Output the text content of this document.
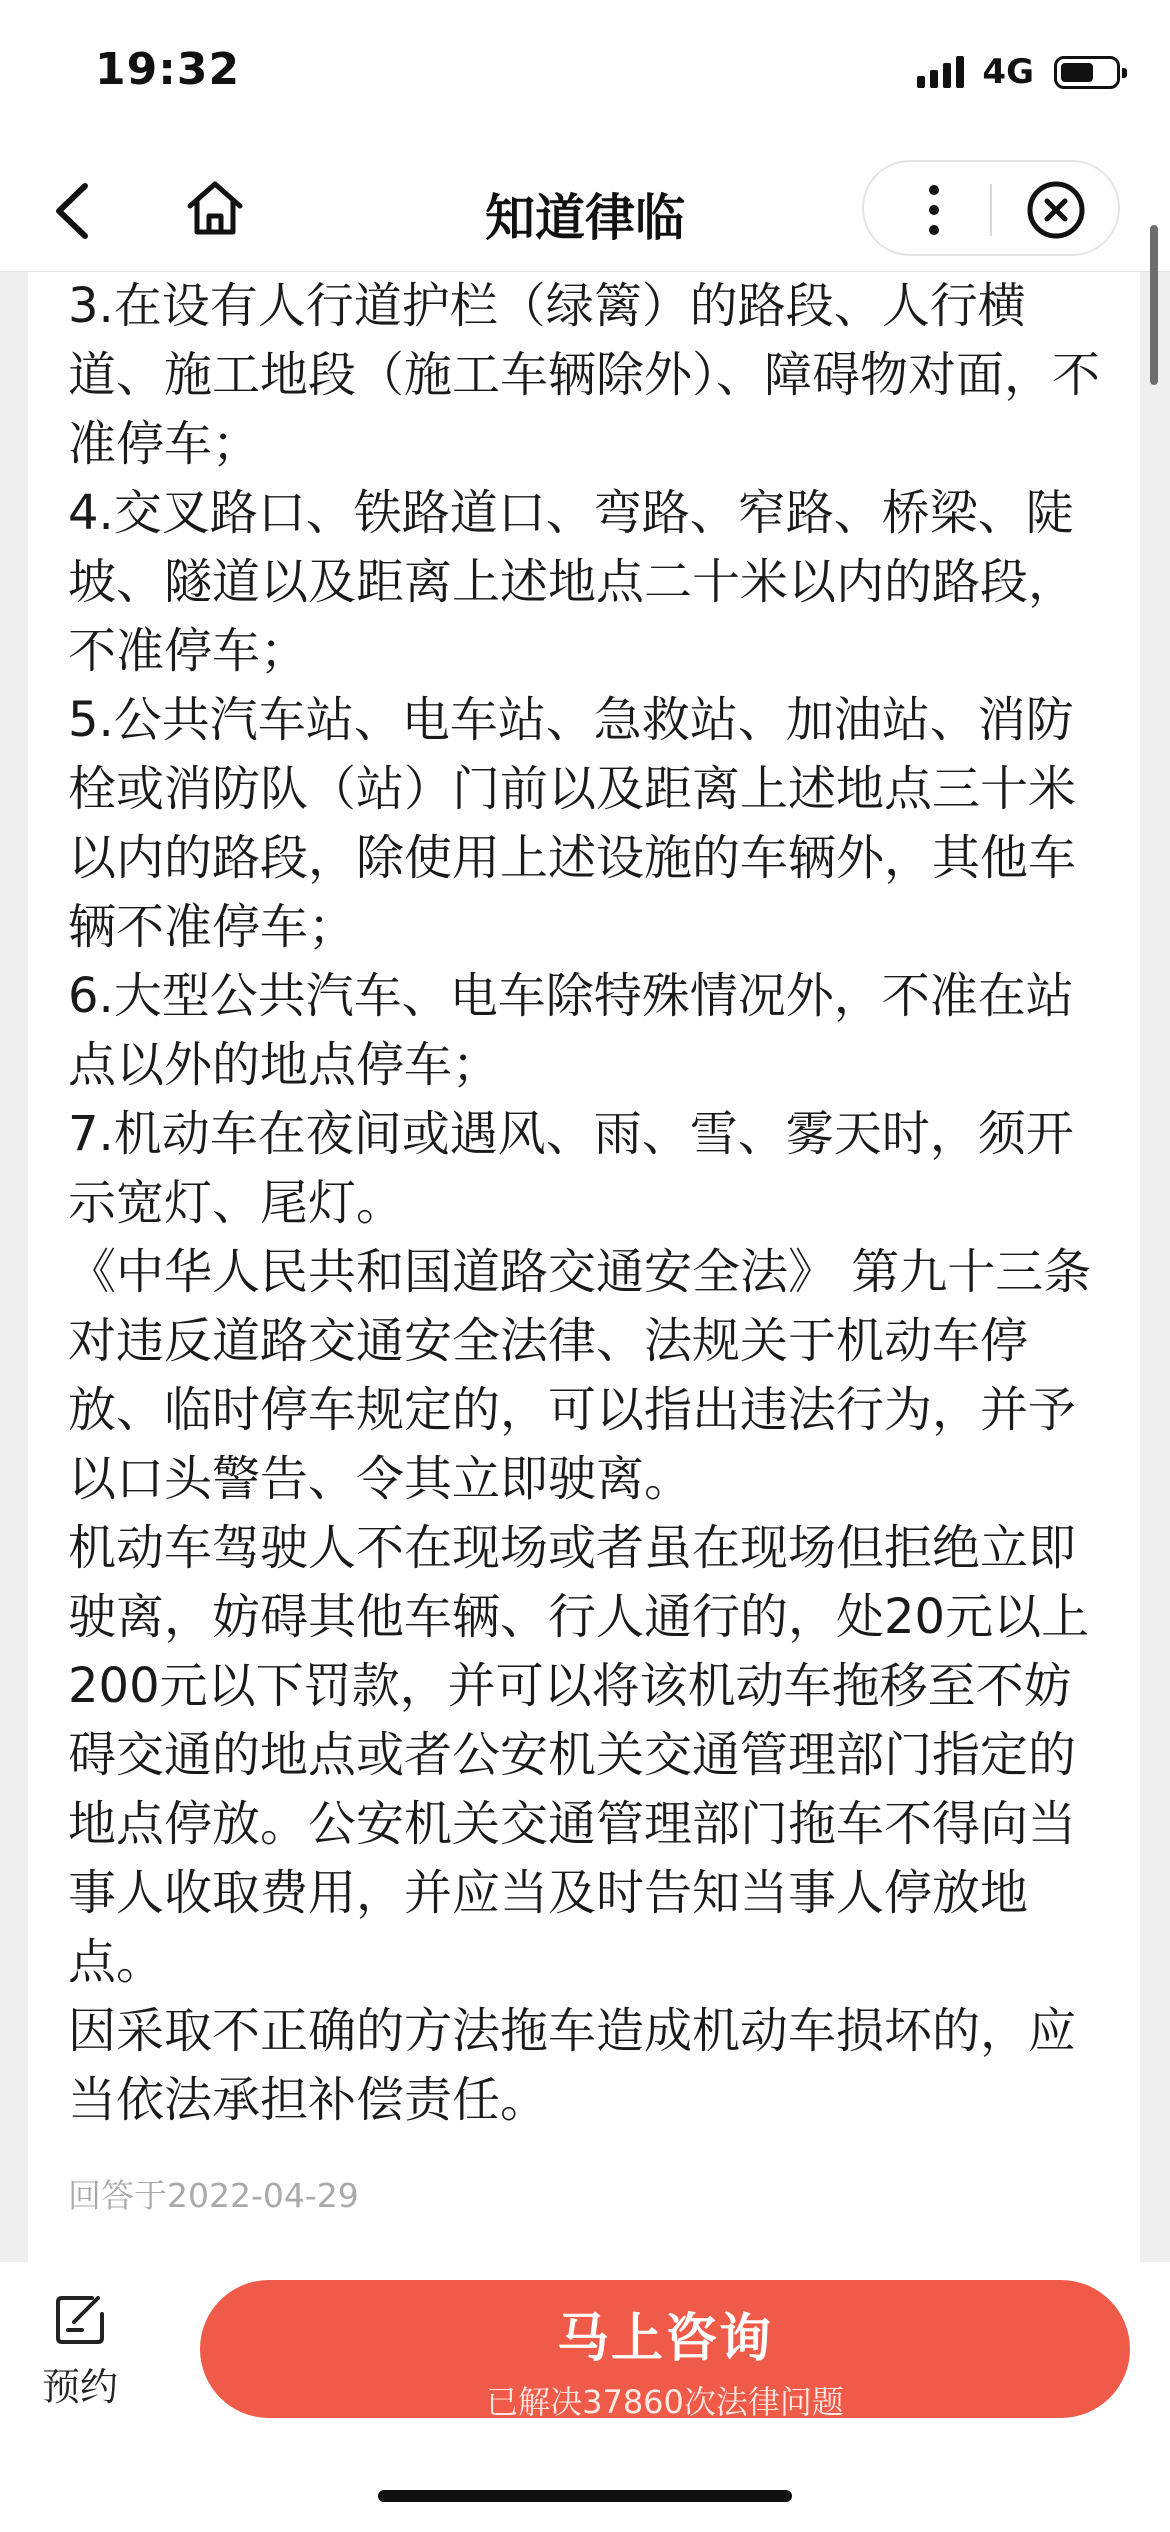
19:32	4G
知道律临

3.在设有人行道护栏（绿篱）的路段、人行横道、施工地段（施工车辆除外）、障碍物对面，不准停车；

4.交叉路口、铁路道口、弯路、窄路、桥梁、陡坡、隧道以及距离上述地点二十米以内的路段，不准停车；

5.公共汽车站、电车站、急救站、加油站、消防栓或消防队（站）门前以及距离上述地点三十米以内的路段，除使用上述设施的车辆外，其他车辆不准停车；

6.大型公共汽车、电车除特殊情况外，不准在站点以外的地点停车；

7.机动车在夜间或遇风、雨、雪、雾天时，须开示宽灯、尾灯。

《中华人民共和国道路交通安全法》 第九十三条 对违反道路交通安全法律、法规关于机动车停放、临时停车规定的，可以指出违法行为，并予以口头警告、令其立即驶离。

机动车驾驶人不在现场或者虽在现场但拒绝立即驶离，妨碍其他车辆、行人通行的，处20元以上200元以下罚款，并可以将该机动车拖移至不妨碍交通的地点或者公安机关交通管理部门指定的地点停放。公安机关交通管理部门拖车不得向当事人收取费用，并应当及时告知当事人停放地点。

因采取不正确的方法拖车造成机动车损坏的，应当依法承担补偿责任。

回答于2022-04-29
预约
马上咨询
已解决37860次法律问题
